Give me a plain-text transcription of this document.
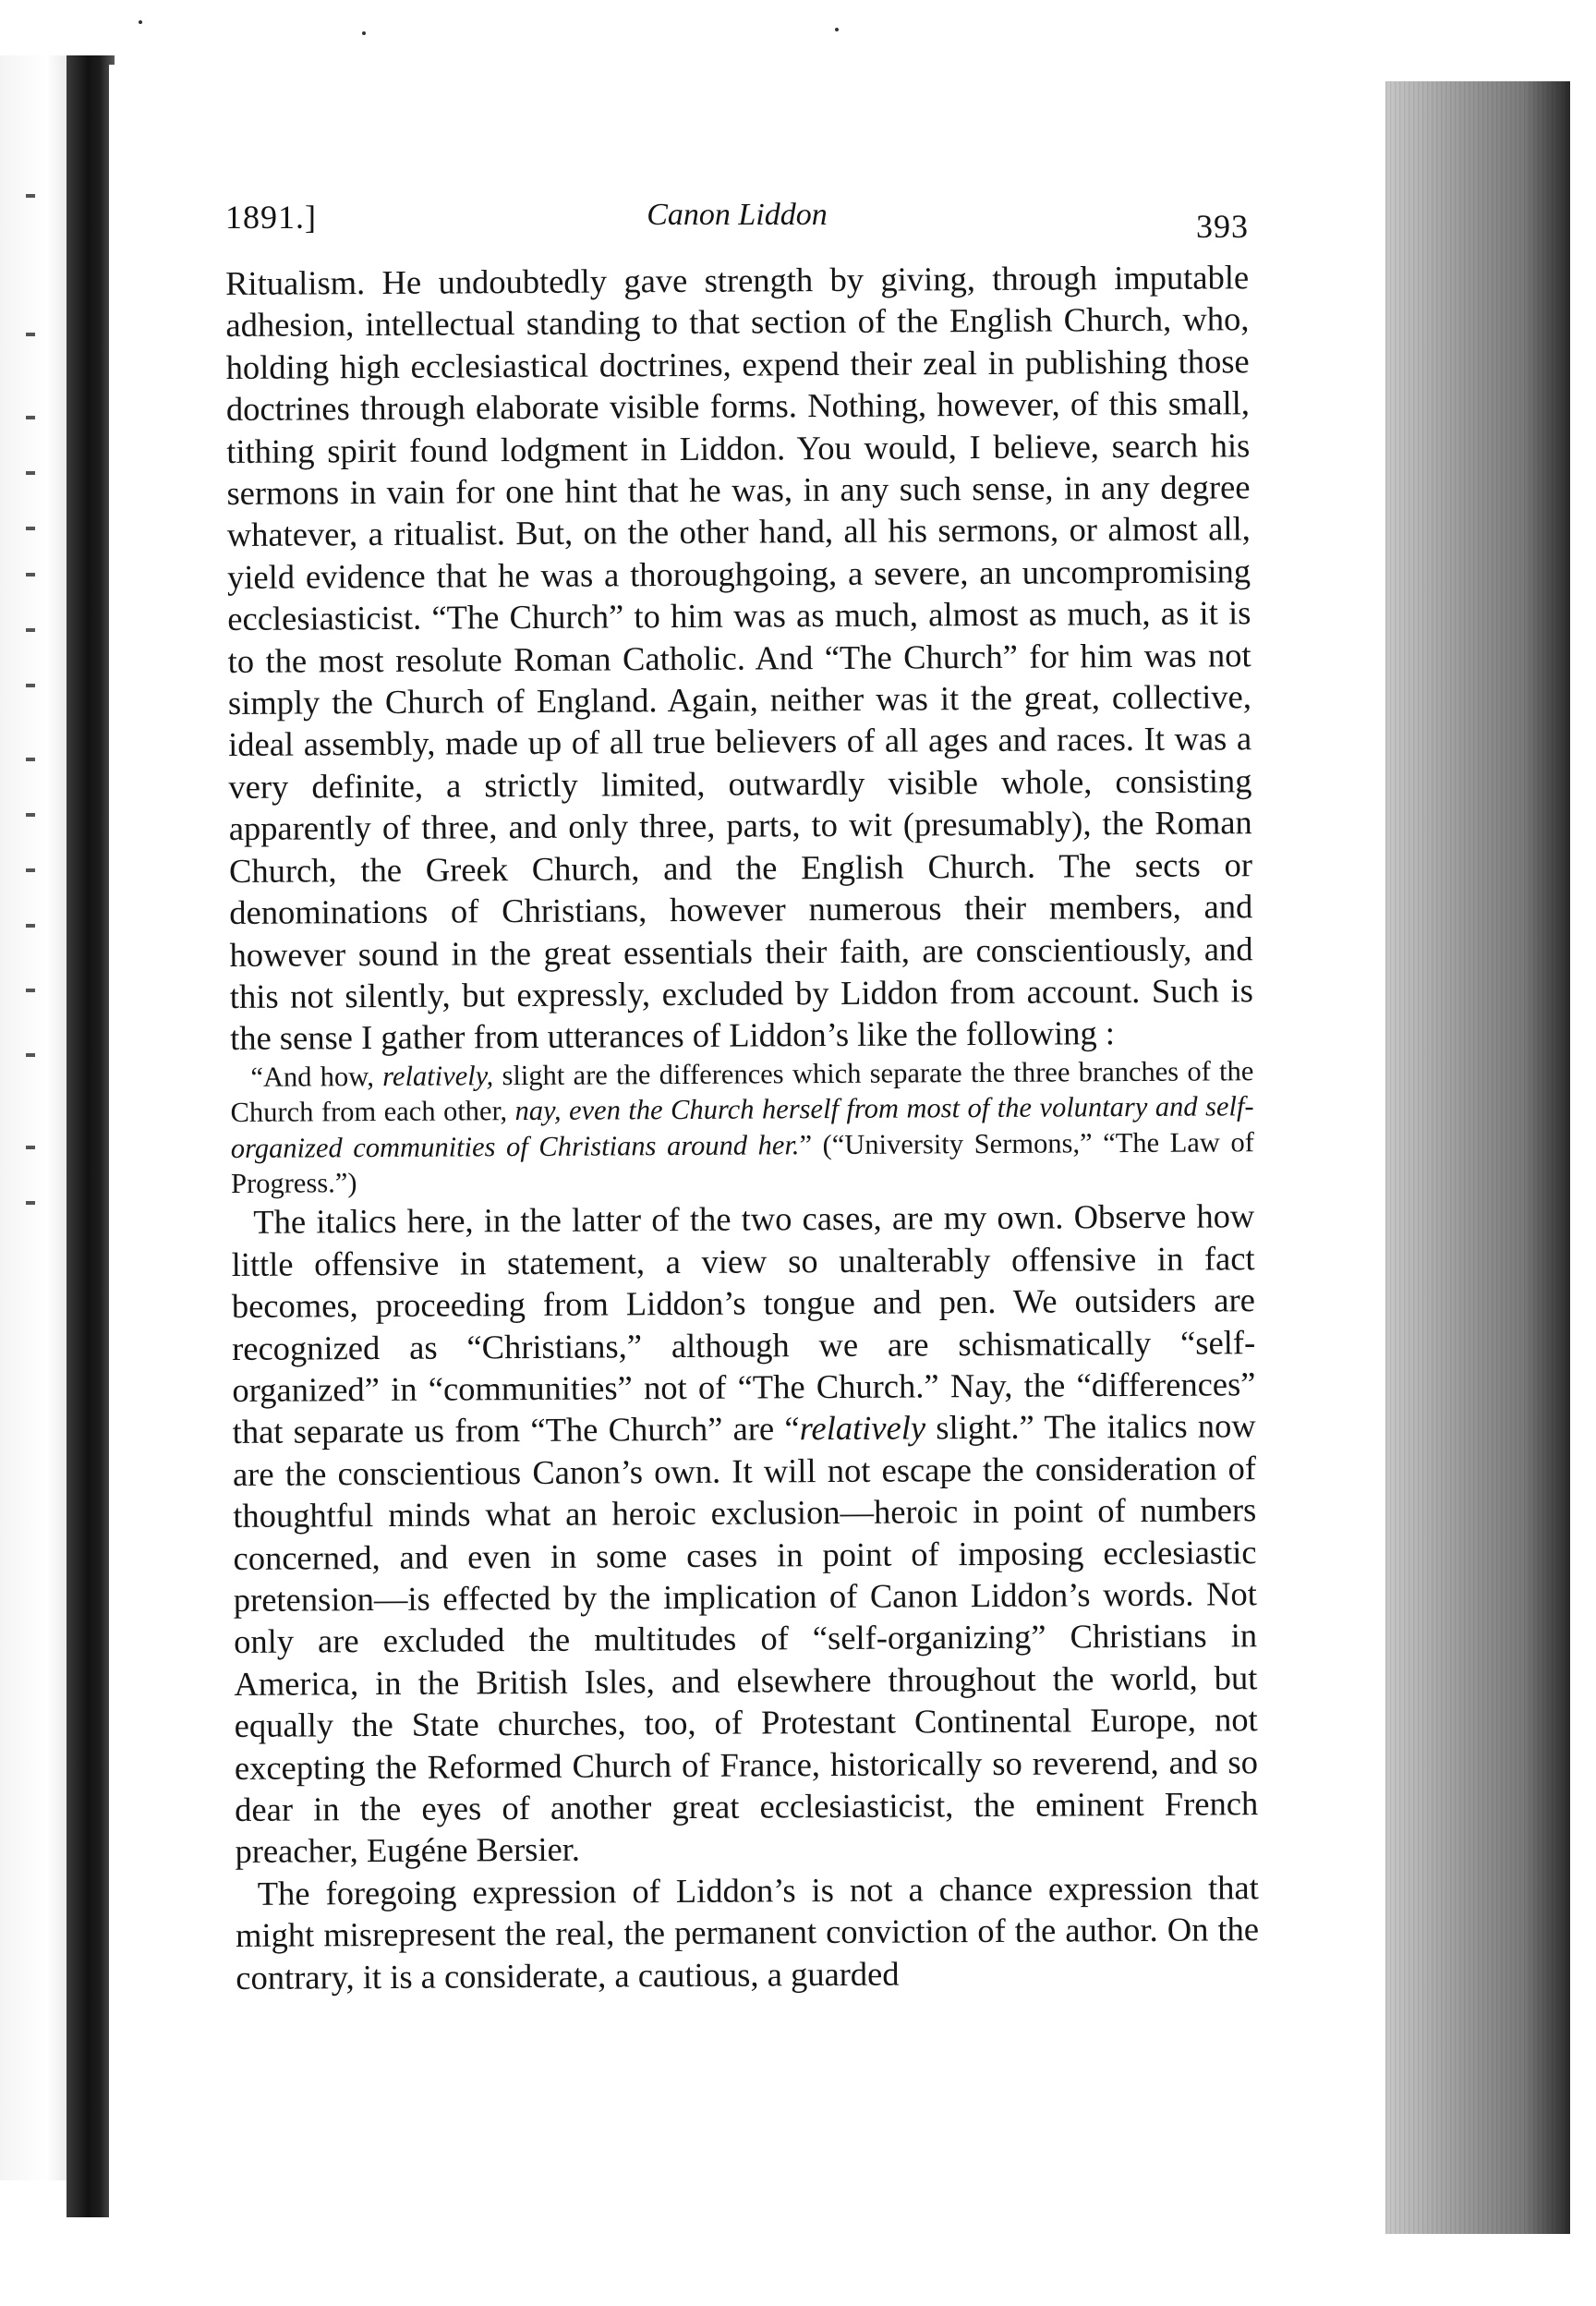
1891.]	Canon Liddon	393

Ritualism. He undoubtedly gave strength by giving, through imputable adhesion, intellectual standing to that section of the English Church, who, holding high ecclesiastical doctrines, expend their zeal in publishing those doctrines through elaborate visible forms. Nothing, however, of this small, tithing spirit found lodgment in Liddon. You would, I believe, search his sermons in vain for one hint that he was, in any such sense, in any degree whatever, a ritualist. But, on the other hand, all his sermons, or almost all, yield evidence that he was a thoroughgoing, a severe, an uncompromising ecclesiasticist. “The Church” to him was as much, almost as much, as it is to the most resolute Roman Catholic. And “The Church” for him was not simply the Church of England. Again, neither was it the great, collective, ideal assembly, made up of all true believers of all ages and races. It was a very definite, a strictly limited, outwardly visible whole, consisting apparently of three, and only three, parts, to wit (presumably), the Roman Church, the Greek Church, and the English Church. The sects or denominations of Christians, however numerous their members, and however sound in the great essentials their faith, are conscientiously, and this not silently, but expressly, excluded by Liddon from account. Such is the sense I gather from utterances of Liddon’s like the following :

“And how, relatively, slight are the differences which separate the three branches of the Church from each other, nay, even the Church herself from most of the voluntary and self-organized communities of Christians around her.” (“University Sermons,” “The Law of Progress.”)

The italics here, in the latter of the two cases, are my own. Observe how little offensive in statement, a view so unalterably offensive in fact becomes, proceeding from Liddon’s tongue and pen. We outsiders are recognized as “Christians,” although we are schismatically “self-organized” in “communities” not of “The Church.” Nay, the “differences” that separate us from “The Church” are “relatively slight.” The italics now are the conscientious Canon’s own. It will not escape the consideration of thoughtful minds what an heroic exclusion—heroic in point of numbers concerned, and even in some cases in point of imposing ecclesiastic pretension—is effected by the implication of Canon Liddon’s words. Not only are excluded the multitudes of “self-organizing” Christians in America, in the British Isles, and elsewhere throughout the world, but equally the State churches, too, of Protestant Continental Europe, not excepting the Reformed Church of France, historically so reverend, and so dear in the eyes of another great ecclesiasticist, the eminent French preacher, Eugéne Bersier.

The foregoing expression of Liddon’s is not a chance expression that might misrepresent the real, the permanent conviction of the author. On the contrary, it is a considerate, a cautious, a guarded
